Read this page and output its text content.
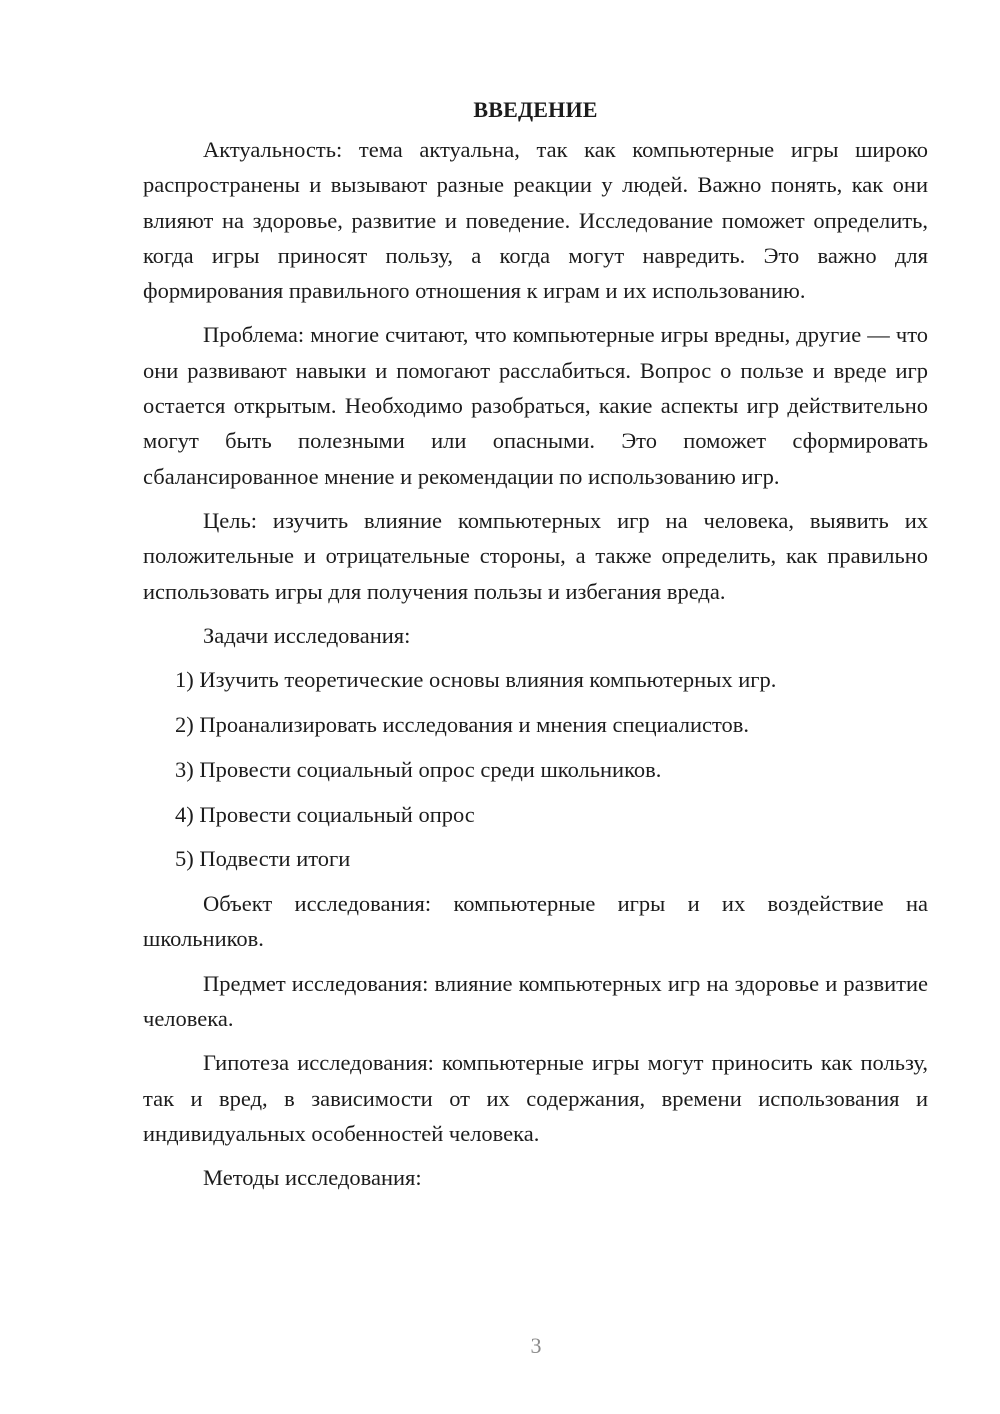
ВВЕДЕНИЕ

Актуальность: тема актуальна, так как компьютерные игры широко распространены и вызывают разные реакции у людей. Важно понять, как они влияют на здоровье, развитие и поведение. Исследование поможет определить, когда игры приносят пользу, а когда могут навредить. Это важно для формирования правильного отношения к играм и их использованию.

Проблема: многие считают, что компьютерные игры вредны, другие — что они развивают навыки и помогают расслабиться. Вопрос о пользе и вреде игр остается открытым. Необходимо разобраться, какие аспекты игр действительно могут быть полезными или опасными. Это поможет сформировать сбалансированное мнение и рекомендации по использованию игр.

Цель: изучить влияние компьютерных игр на человека, выявить их положительные и отрицательные стороны, а также определить, как правильно использовать игры для получения пользы и избегания вреда.

Задачи исследования:

1) Изучить теоретические основы влияния компьютерных игр.
2) Проанализировать исследования и мнения специалистов.
3) Провести социальный опрос среди школьников.
4) Провести социальный опрос
5) Подвести итоги

Объект исследования: компьютерные игры и их воздействие на школьников.

Предмет исследования: влияние компьютерных игр на здоровье и развитие человека.

Гипотеза исследования: компьютерные игры могут приносить как пользу, так и вред, в зависимости от их содержания, времени использования и индивидуальных особенностей человека.

Методы исследования:

3
